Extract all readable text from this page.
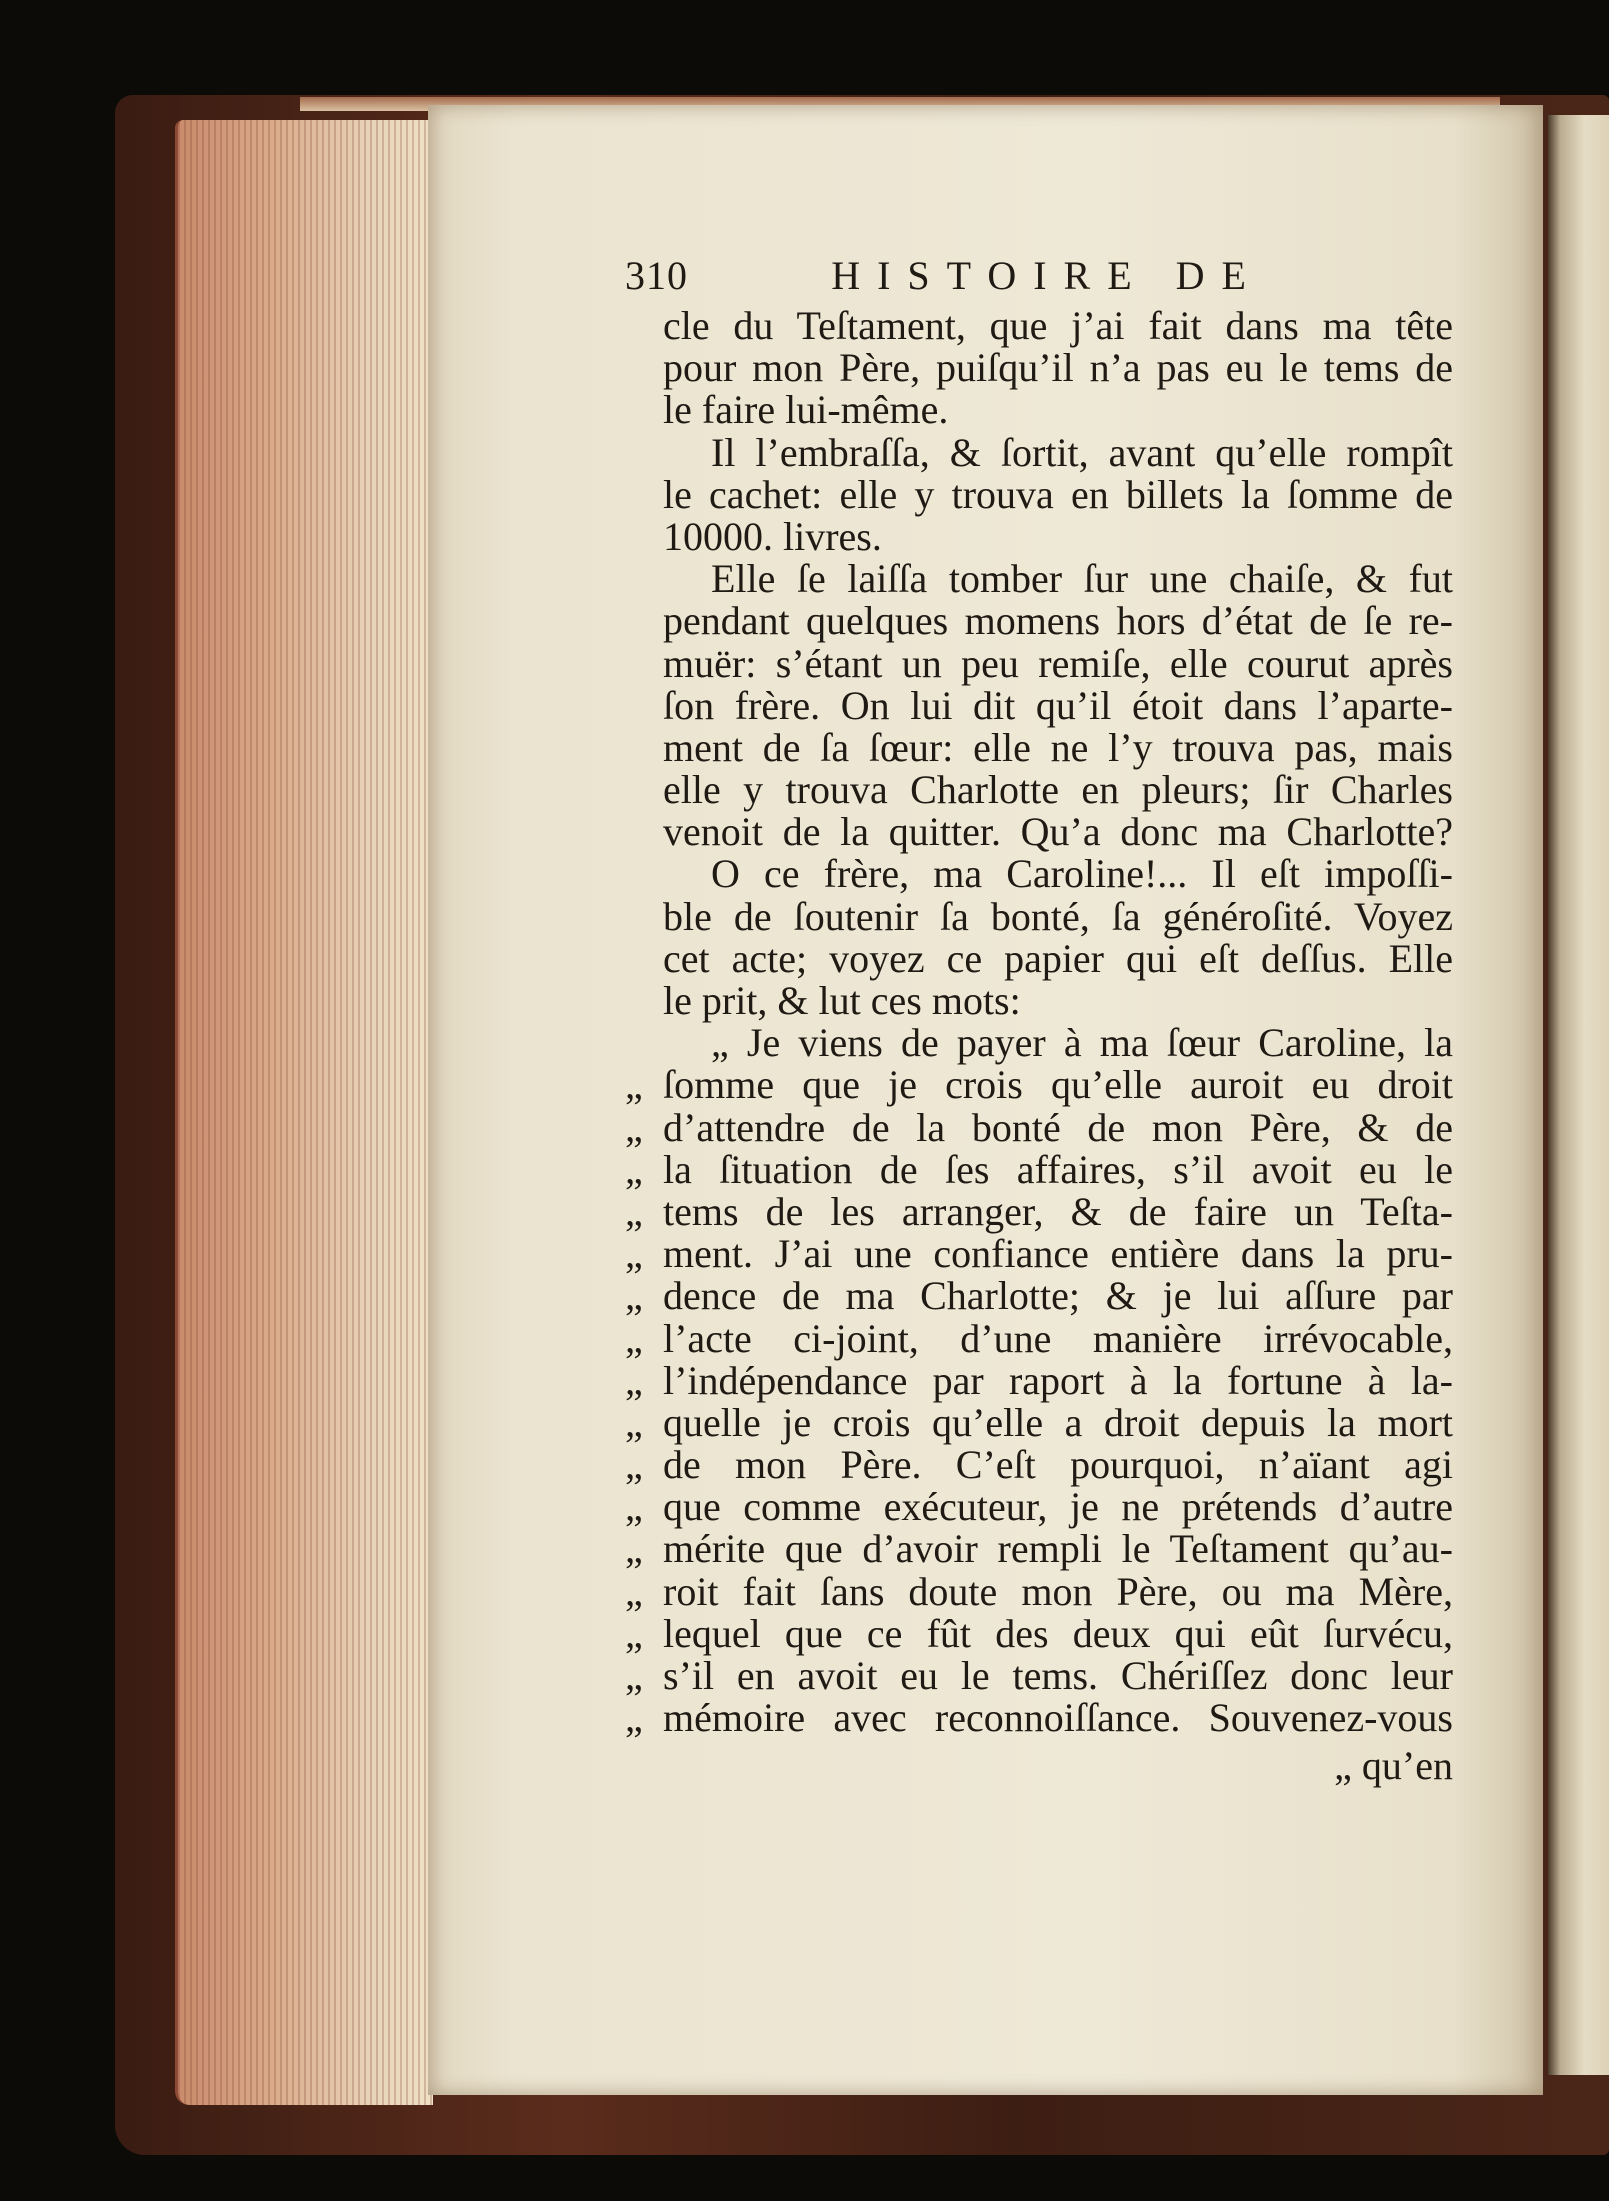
310	HISTOIRE DE
cle du Teſtament, que j’ai fait dans ma tête
pour mon Père, puiſqu’il n’a pas eu le tems de
le faire lui-même.
Il l’embraſſa, & ſortit, avant qu’elle rompît
le cachet: elle y trouva en billets la ſomme de
10000. livres.
Elle ſe laiſſa tomber ſur une chaiſe, & fut
pendant quelques momens hors d’état de ſe re-
muër: s’étant un peu remiſe, elle courut après
ſon frère. On lui dit qu’il étoit dans l’aparte-
ment de ſa ſœur: elle ne l’y trouva pas, mais
elle y trouva Charlotte en pleurs; ſir Charles
venoit de la quitter. Qu’a donc ma Charlotte?
O ce frère, ma Caroline!... Il eſt impoſſi-
ble de ſoutenir ſa bonté, ſa généroſité. Voyez
cet acte; voyez ce papier qui eſt deſſus. Elle
le prit, & lut ces mots:
„ Je viens de payer à ma ſœur Caroline, la
„ ſomme que je crois qu’elle auroit eu droit
„ d’attendre de la bonté de mon Père, & de
„ la ſituation de ſes affaires, s’il avoit eu le
„ tems de les arranger, & de faire un Teſta-
„ ment. J’ai une confiance entière dans la pru-
„ dence de ma Charlotte; & je lui aſſure par
„ l’acte ci-joint, d’une manière irrévocable,
„ l’indépendance par raport à la fortune à la-
„ quelle je crois qu’elle a droit depuis la mort
„ de mon Père. C’eſt pourquoi, n’aïant agi
„ que comme exécuteur, je ne prétends d’autre
„ mérite que d’avoir rempli le Teſtament qu’au-
„ roit fait ſans doute mon Père, ou ma Mère,
„ lequel que ce fût des deux qui eût ſurvécu,
„ s’il en avoit eu le tems. Chériſſez donc leur
„ mémoire avec reconnoiſſance. Souvenez-vous
„ qu’en
